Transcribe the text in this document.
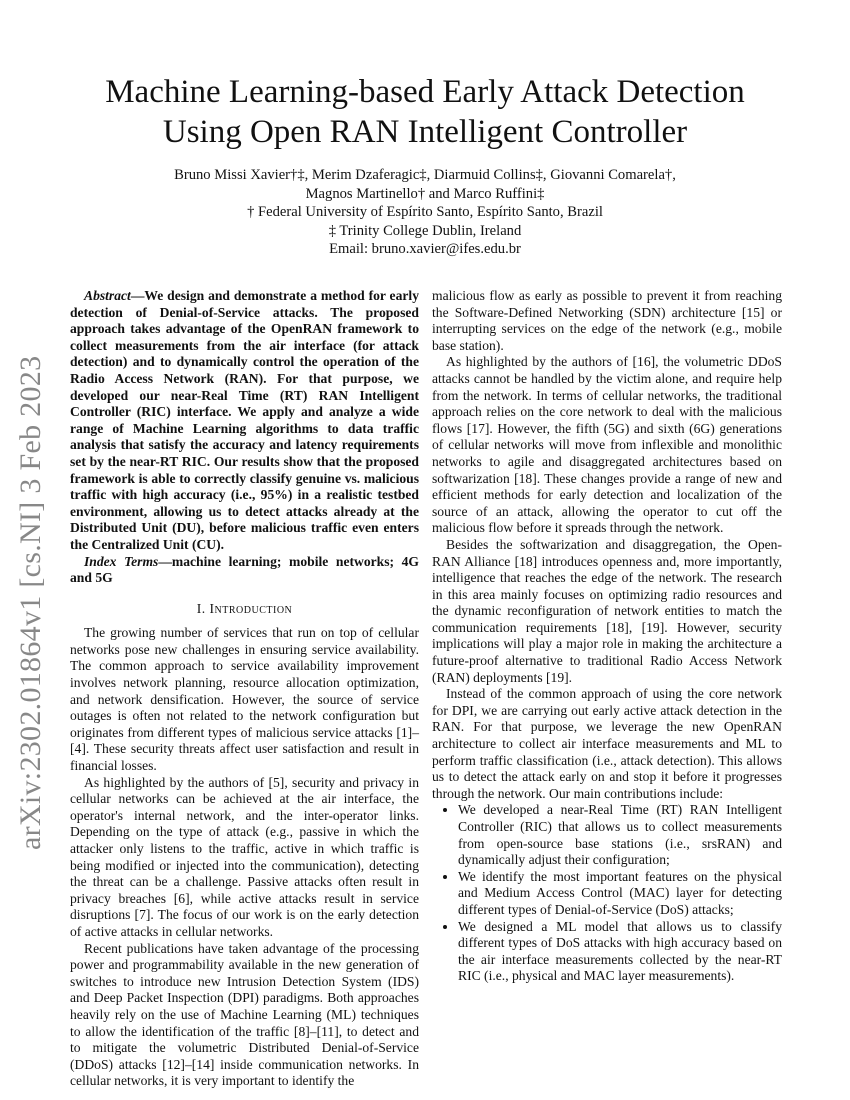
arXiv:2302.01864v1 [cs.NI] 3 Feb 2023
Machine Learning-based Early Attack Detection
Using Open RAN Intelligent Controller
Bruno Missi Xavier†‡, Merim Dzaferagic‡, Diarmuid Collins‡, Giovanni Comarela†,
Magnos Martinello† and Marco Ruffini‡
† Federal University of Espírito Santo, Espírito Santo, Brazil
‡ Trinity College Dublin, Ireland
Email: bruno.xavier@ifes.edu.br

Abstract—We design and demonstrate a method for early detection of Denial-of-Service attacks. The proposed approach takes advantage of the OpenRAN framework to collect measurements from the air interface (for attack detection) and to dynamically control the operation of the Radio Access Network (RAN). For that purpose, we developed our near-Real Time (RT) RAN Intelligent Controller (RIC) interface. We apply and analyze a wide range of Machine Learning algorithms to data traffic analysis that satisfy the accuracy and latency requirements set by the near-RT RIC. Our results show that the proposed framework is able to correctly classify genuine vs. malicious traffic with high accuracy (i.e., 95%) in a realistic testbed environment, allowing us to detect attacks already at the Distributed Unit (DU), before malicious traffic even enters the Centralized Unit (CU).

Index Terms—machine learning; mobile networks; 4G and 5G

I. Introduction

The growing number of services that run on top of cellular networks pose new challenges in ensuring service availability. The common approach to service availability improvement involves network planning, resource allocation optimization, and network densification. However, the source of service outages is often not related to the network configuration but originates from different types of malicious service attacks [1]–[4]. These security threats affect user satisfaction and result in financial losses.

As highlighted by the authors of [5], security and privacy in cellular networks can be achieved at the air interface, the operator's internal network, and the inter-operator links. Depending on the type of attack (e.g., passive in which the attacker only listens to the traffic, active in which traffic is being modified or injected into the communication), detecting the threat can be a challenge. Passive attacks often result in privacy breaches [6], while active attacks result in service disruptions [7]. The focus of our work is on the early detection of active attacks in cellular networks.

Recent publications have taken advantage of the processing power and programmability available in the new generation of switches to introduce new Intrusion Detection System (IDS) and Deep Packet Inspection (DPI) paradigms. Both approaches heavily rely on the use of Machine Learning (ML) techniques to allow the identification of the traffic [8]–[11], to detect and to mitigate the volumetric Distributed Denial-of-Service (DDoS) attacks [12]–[14] inside communication networks. In cellular networks, it is very important to identify the

malicious flow as early as possible to prevent it from reaching the Software-Defined Networking (SDN) architecture [15] or interrupting services on the edge of the network (e.g., mobile base station).

As highlighted by the authors of [16], the volumetric DDoS attacks cannot be handled by the victim alone, and require help from the network. In terms of cellular networks, the traditional approach relies on the core network to deal with the malicious flows [17]. However, the fifth (5G) and sixth (6G) generations of cellular networks will move from inflexible and monolithic networks to agile and disaggregated architectures based on softwarization [18]. These changes provide a range of new and efficient methods for early detection and localization of the source of an attack, allowing the operator to cut off the malicious flow before it spreads through the network.

Besides the softwarization and disaggregation, the Open-RAN Alliance [18] introduces openness and, more importantly, intelligence that reaches the edge of the network. The research in this area mainly focuses on optimizing radio resources and the dynamic reconfiguration of network entities to match the communication requirements [18], [19]. However, security implications will play a major role in making the architecture a future-proof alternative to traditional Radio Access Network (RAN) deployments [19].

Instead of the common approach of using the core network for DPI, we are carrying out early active attack detection in the RAN. For that purpose, we leverage the new OpenRAN architecture to collect air interface measurements and ML to perform traffic classification (i.e., attack detection). This allows us to detect the attack early on and stop it before it progresses through the network. Our main contributions include:

• We developed a near-Real Time (RT) RAN Intelligent Controller (RIC) that allows us to collect measurements from open-source base stations (i.e., srsRAN) and dynamically adjust their configuration;
• We identify the most important features on the physical and Medium Access Control (MAC) layer for detecting different types of Denial-of-Service (DoS) attacks;
• We designed a ML model that allows us to classify different types of DoS attacks with high accuracy based on the air interface measurements collected by the near-RT RIC (i.e., physical and MAC layer measurements).
